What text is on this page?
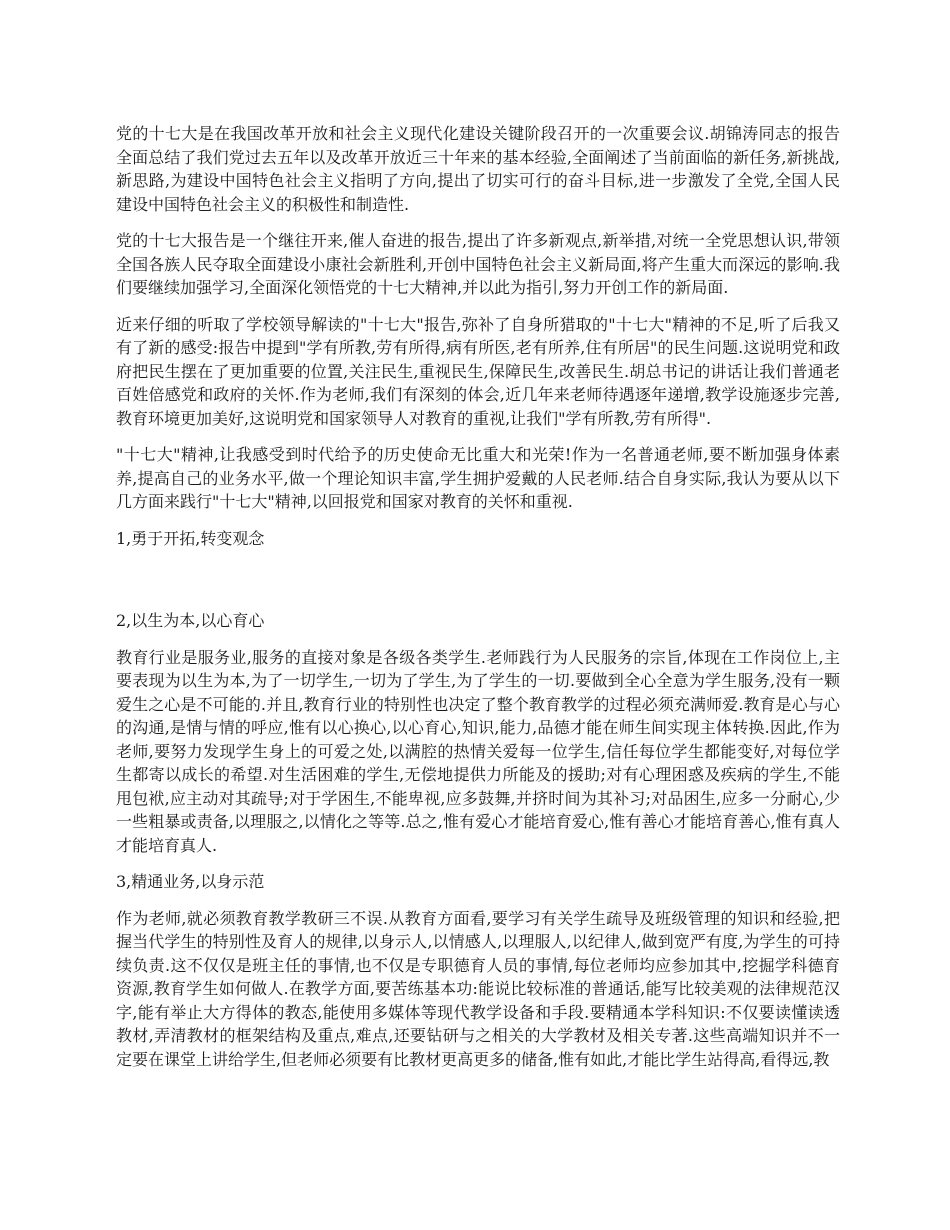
党的十七大是在我国改革开放和社会主义现代化建设关键阶段召开的一次重要会议.胡锦涛同志的报告全面总结了我们党过去五年以及改革开放近三十年来的基本经验,全面阐述了当前面临的新任务,新挑战,新思路,为建设中国特色社会主义指明了方向,提出了切实可行的奋斗目标,进一步激发了全党,全国人民建设中国特色社会主义的积极性和制造性.

党的十七大报告是一个继往开来,催人奋进的报告,提出了许多新观点,新举措,对统一全党思想认识,带领全国各族人民夺取全面建设小康社会新胜利,开创中国特色社会主义新局面,将产生重大而深远的影响.我们要继续加强学习,全面深化领悟党的十七大精神,并以此为指引,努力开创工作的新局面.

近来仔细的听取了学校领导解读的"十七大"报告,弥补了自身所猎取的"十七大"精神的不足,听了后我又有了新的感受:报告中提到"学有所教,劳有所得,病有所医,老有所养,住有所居"的民生问题.这说明党和政府把民生摆在了更加重要的位置,关注民生,重视民生,保障民生,改善民生.胡总书记的讲话让我们普通老百姓倍感党和政府的关怀.作为老师,我们有深刻的体会,近几年来老师待遇逐年递增,教学设施逐步完善,教育环境更加美好,这说明党和国家领导人对教育的重视,让我们"学有所教,劳有所得".

"十七大"精神,让我感受到时代给予的历史使命无比重大和光荣!作为一名普通老师,要不断加强身体素养,提高自己的业务水平,做一个理论知识丰富,学生拥护爱戴的人民老师.结合自身实际,我认为要从以下几方面来践行"十七大"精神,以回报党和国家对教育的关怀和重视.

1,勇于开拓,转变观念

2,以生为本,以心育心

教育行业是服务业,服务的直接对象是各级各类学生.老师践行为人民服务的宗旨,体现在工作岗位上,主要表现为以生为本,为了一切学生,一切为了学生,为了学生的一切.要做到全心全意为学生服务,没有一颗爱生之心是不可能的.并且,教育行业的特别性也决定了整个教育教学的过程必须充满师爱.教育是心与心的沟通,是情与情的呼应,惟有以心换心,以心育心,知识,能力,品德才能在师生间实现主体转换.因此,作为老师,要努力发现学生身上的可爱之处,以满腔的热情关爱每一位学生,信任每位学生都能变好,对每位学生都寄以成长的希望.对生活困难的学生,无偿地提供力所能及的援助;对有心理困惑及疾病的学生,不能甩包袱,应主动对其疏导;对于学困生,不能卑视,应多鼓舞,并挤时间为其补习;对品困生,应多一分耐心,少一些粗暴或责备,以理服之,以情化之等等.总之,惟有爱心才能培育爱心,惟有善心才能培育善心,惟有真人才能培育真人.

3,精通业务,以身示范

作为老师,就必须教育教学教研三不误.从教育方面看,要学习有关学生疏导及班级管理的知识和经验,把握当代学生的特别性及育人的规律,以身示人,以情感人,以理服人,以纪律人,做到宽严有度,为学生的可持续负责.这不仅仅是班主任的事情,也不仅是专职德育人员的事情,每位老师均应参加其中,挖掘学科德育资源,教育学生如何做人.在教学方面,要苦练基本功:能说比较标准的普通话,能写比较美观的法律规范汉字,能有举止大方得体的教态,能使用多媒体等现代教学设备和手段.要精通本学科知识:不仅要读懂读透教材,弄清教材的框架结构及重点,难点,还要钻研与之相关的大学教材及相关专著.这些高端知识并不一定要在课堂上讲给学生,但老师必须要有比教材更高更多的储备,惟有如此,才能比学生站得高,看得远,教
